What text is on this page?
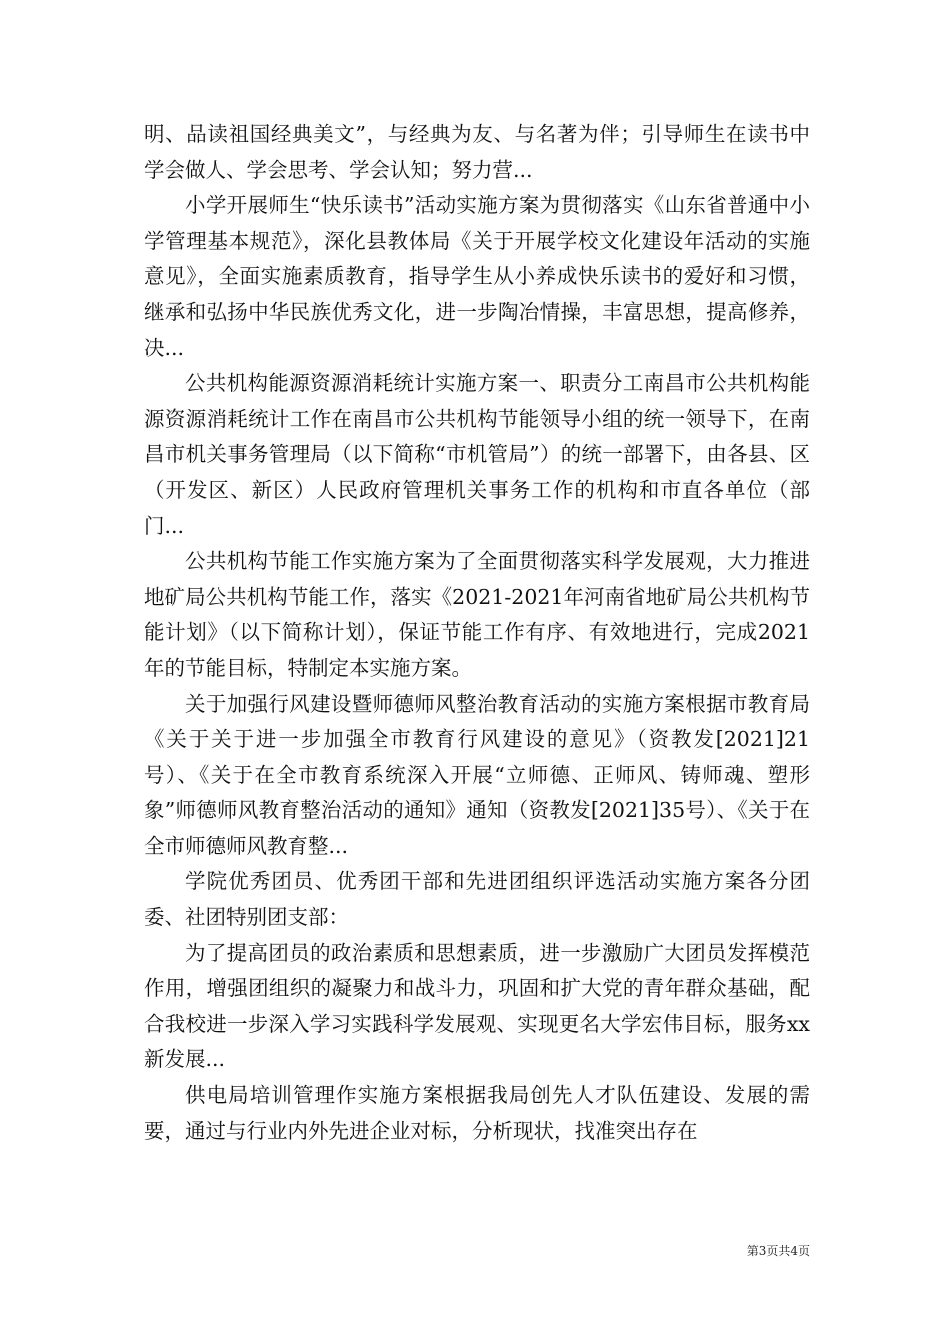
明、品读祖国经典美文”，与经典为友、与名著为伴；引导师生在读书中学会做人、学会思考、学会认知；努力营...

小学开展师生“快乐读书”活动实施方案为贯彻落实《山东省普通中小学管理基本规范》，深化县教体局《关于开展学校文化建设年活动的实施意见》，全面实施素质教育，指导学生从小养成快乐读书的爱好和习惯，继承和弘扬中华民族优秀文化，进一步陶冶情操，丰富思想，提高修养，决...

公共机构能源资源消耗统计实施方案一、职责分工南昌市公共机构能源资源消耗统计工作在南昌市公共机构节能领导小组的统一领导下，在南昌市机关事务管理局（以下简称“市机管局”）的统一部署下，由各县、区（开发区、新区）人民政府管理机关事务工作的机构和市直各单位（部门...

公共机构节能工作实施方案为了全面贯彻落实科学发展观，大力推进地矿局公共机构节能工作，落实《2021-2021年河南省地矿局公共机构节能计划》（以下简称计划），保证节能工作有序、有效地进行，完成2021年的节能目标，特制定本实施方案。

关于加强行风建设暨师德师风整治教育活动的实施方案根据市教育局《关于关于进一步加强全市教育行风建设的意见》（资教发[2021]21号）、《关于在全市教育系统深入开展“立师德、正师风、铸师魂、塑形象”师德师风教育整治活动的通知》通知（资教发[2021]35号）、《关于在全市师德师风教育整...

学院优秀团员、优秀团干部和先进团组织评选活动实施方案各分团委、社团特别团支部：

为了提高团员的政治素质和思想素质，进一步激励广大团员发挥模范作用，增强团组织的凝聚力和战斗力，巩固和扩大党的青年群众基础，配合我校进一步深入学习实践科学发展观、实现更名大学宏伟目标，服务xx新发展...

供电局培训管理作实施方案根据我局创先人才队伍建设、发展的需要，通过与行业内外先进企业对标，分析现状，找准突出存在

第3页共4页
